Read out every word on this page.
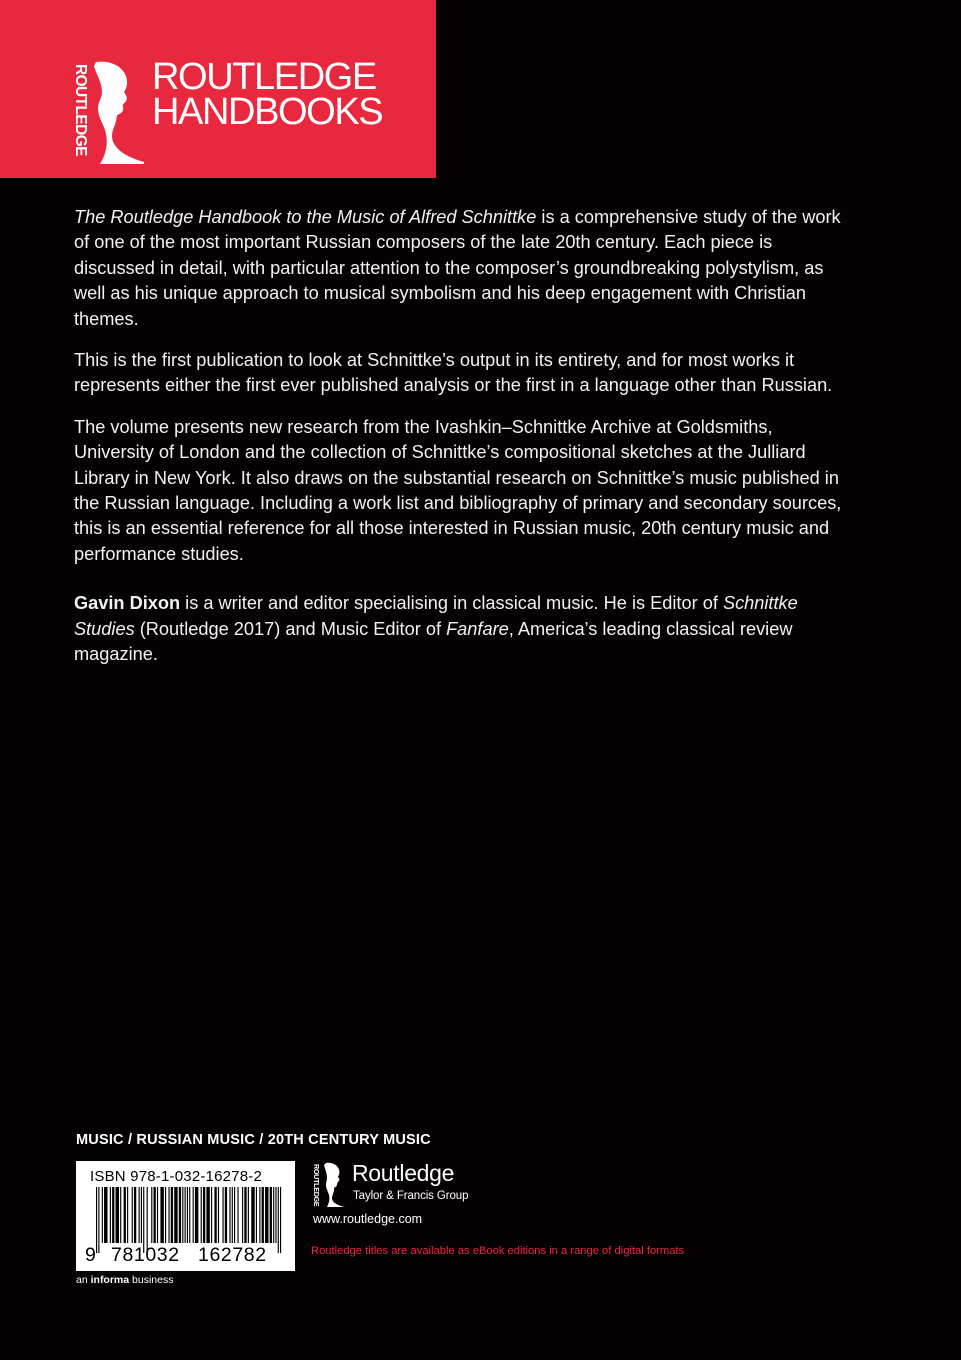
ROUTLEDGE ROUTLEDGE
HANDBOOKS

The Routledge Handbook to the Music of Alfred Schnittke is a comprehensive study of the work of one of the most important Russian composers of the late 20th century. Each piece is discussed in detail, with particular attention to the composer’s groundbreaking polystylism, as well as his unique approach to musical symbolism and his deep engagement with Christian themes.

This is the first publication to look at Schnittke’s output in its entirety, and for most works it represents either the first ever published analysis or the first in a language other than Russian.

The volume presents new research from the Ivashkin–Schnittke Archive at Goldsmiths, University of London and the collection of Schnittke’s compositional sketches at the Julliard Library in New York. It also draws on the substantial research on Schnittke’s music published in the Russian language. Including a work list and bibliography of primary and secondary sources, this is an essential reference for all those interested in Russian music, 20th century music and performance studies.

Gavin Dixon is a writer and editor specialising in classical music. He is Editor of Schnittke Studies (Routledge 2017) and Music Editor of Fanfare, America’s leading classical review magazine.

MUSIC / RUSSIAN MUSIC / 20TH CENTURY MUSIC
ISBN 978-1-032-16278-2
9 781032 162782
an informa business
ROUTLEDGE Routledge
Taylor & Francis Group
www.routledge.com
Routledge titles are available as eBook editions in a range of digital formats
